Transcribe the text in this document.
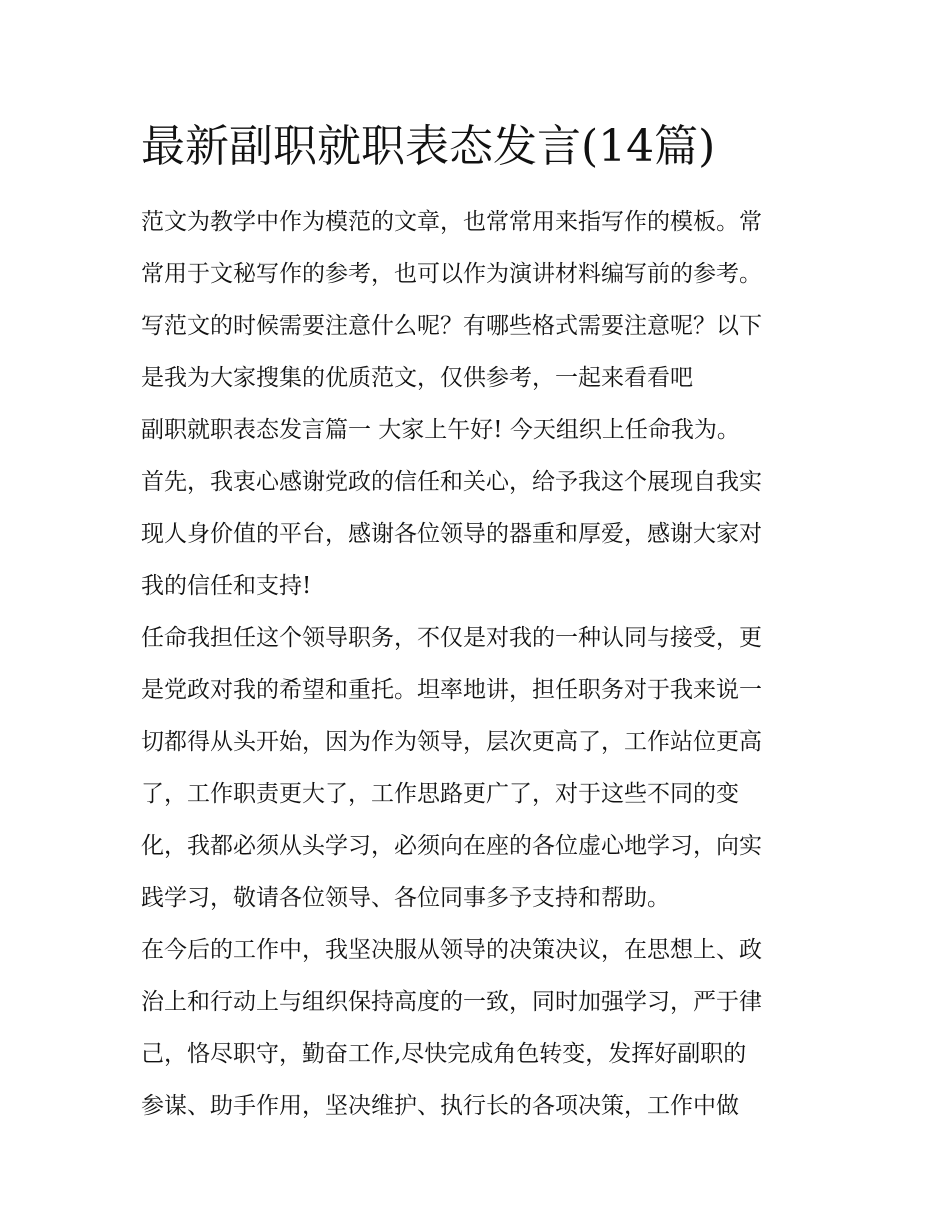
最新副职就职表态发言(14篇)
范文为教学中作为模范的文章，也常常用来指写作的模板。常
常用于文秘写作的参考，也可以作为演讲材料编写前的参考。
写范文的时候需要注意什么呢？有哪些格式需要注意呢？以下
是我为大家搜集的优质范文，仅供参考，一起来看看吧
副职就职表态发言篇一 大家上午好! 今天组织上任命我为。
首先，我衷心感谢党政的信任和关心，给予我这个展现自我实
现人身价值的平台，感谢各位领导的器重和厚爱，感谢大家对
我的信任和支持!
任命我担任这个领导职务，不仅是对我的一种认同与接受，更
是党政对我的希望和重托。坦率地讲，担任职务对于我来说一
切都得从头开始，因为作为领导，层次更高了，工作站位更高
了，工作职责更大了，工作思路更广了，对于这些不同的变
化，我都必须从头学习，必须向在座的各位虚心地学习，向实
践学习，敬请各位领导、各位同事多予支持和帮助。
在今后的工作中，我坚决服从领导的决策决议，在思想上、政
治上和行动上与组织保持高度的一致，同时加强学习，严于律
己，恪尽职守，勤奋工作,尽快完成角色转变，发挥好副职的
参谋、助手作用，坚决维护、执行长的各项决策，工作中做
